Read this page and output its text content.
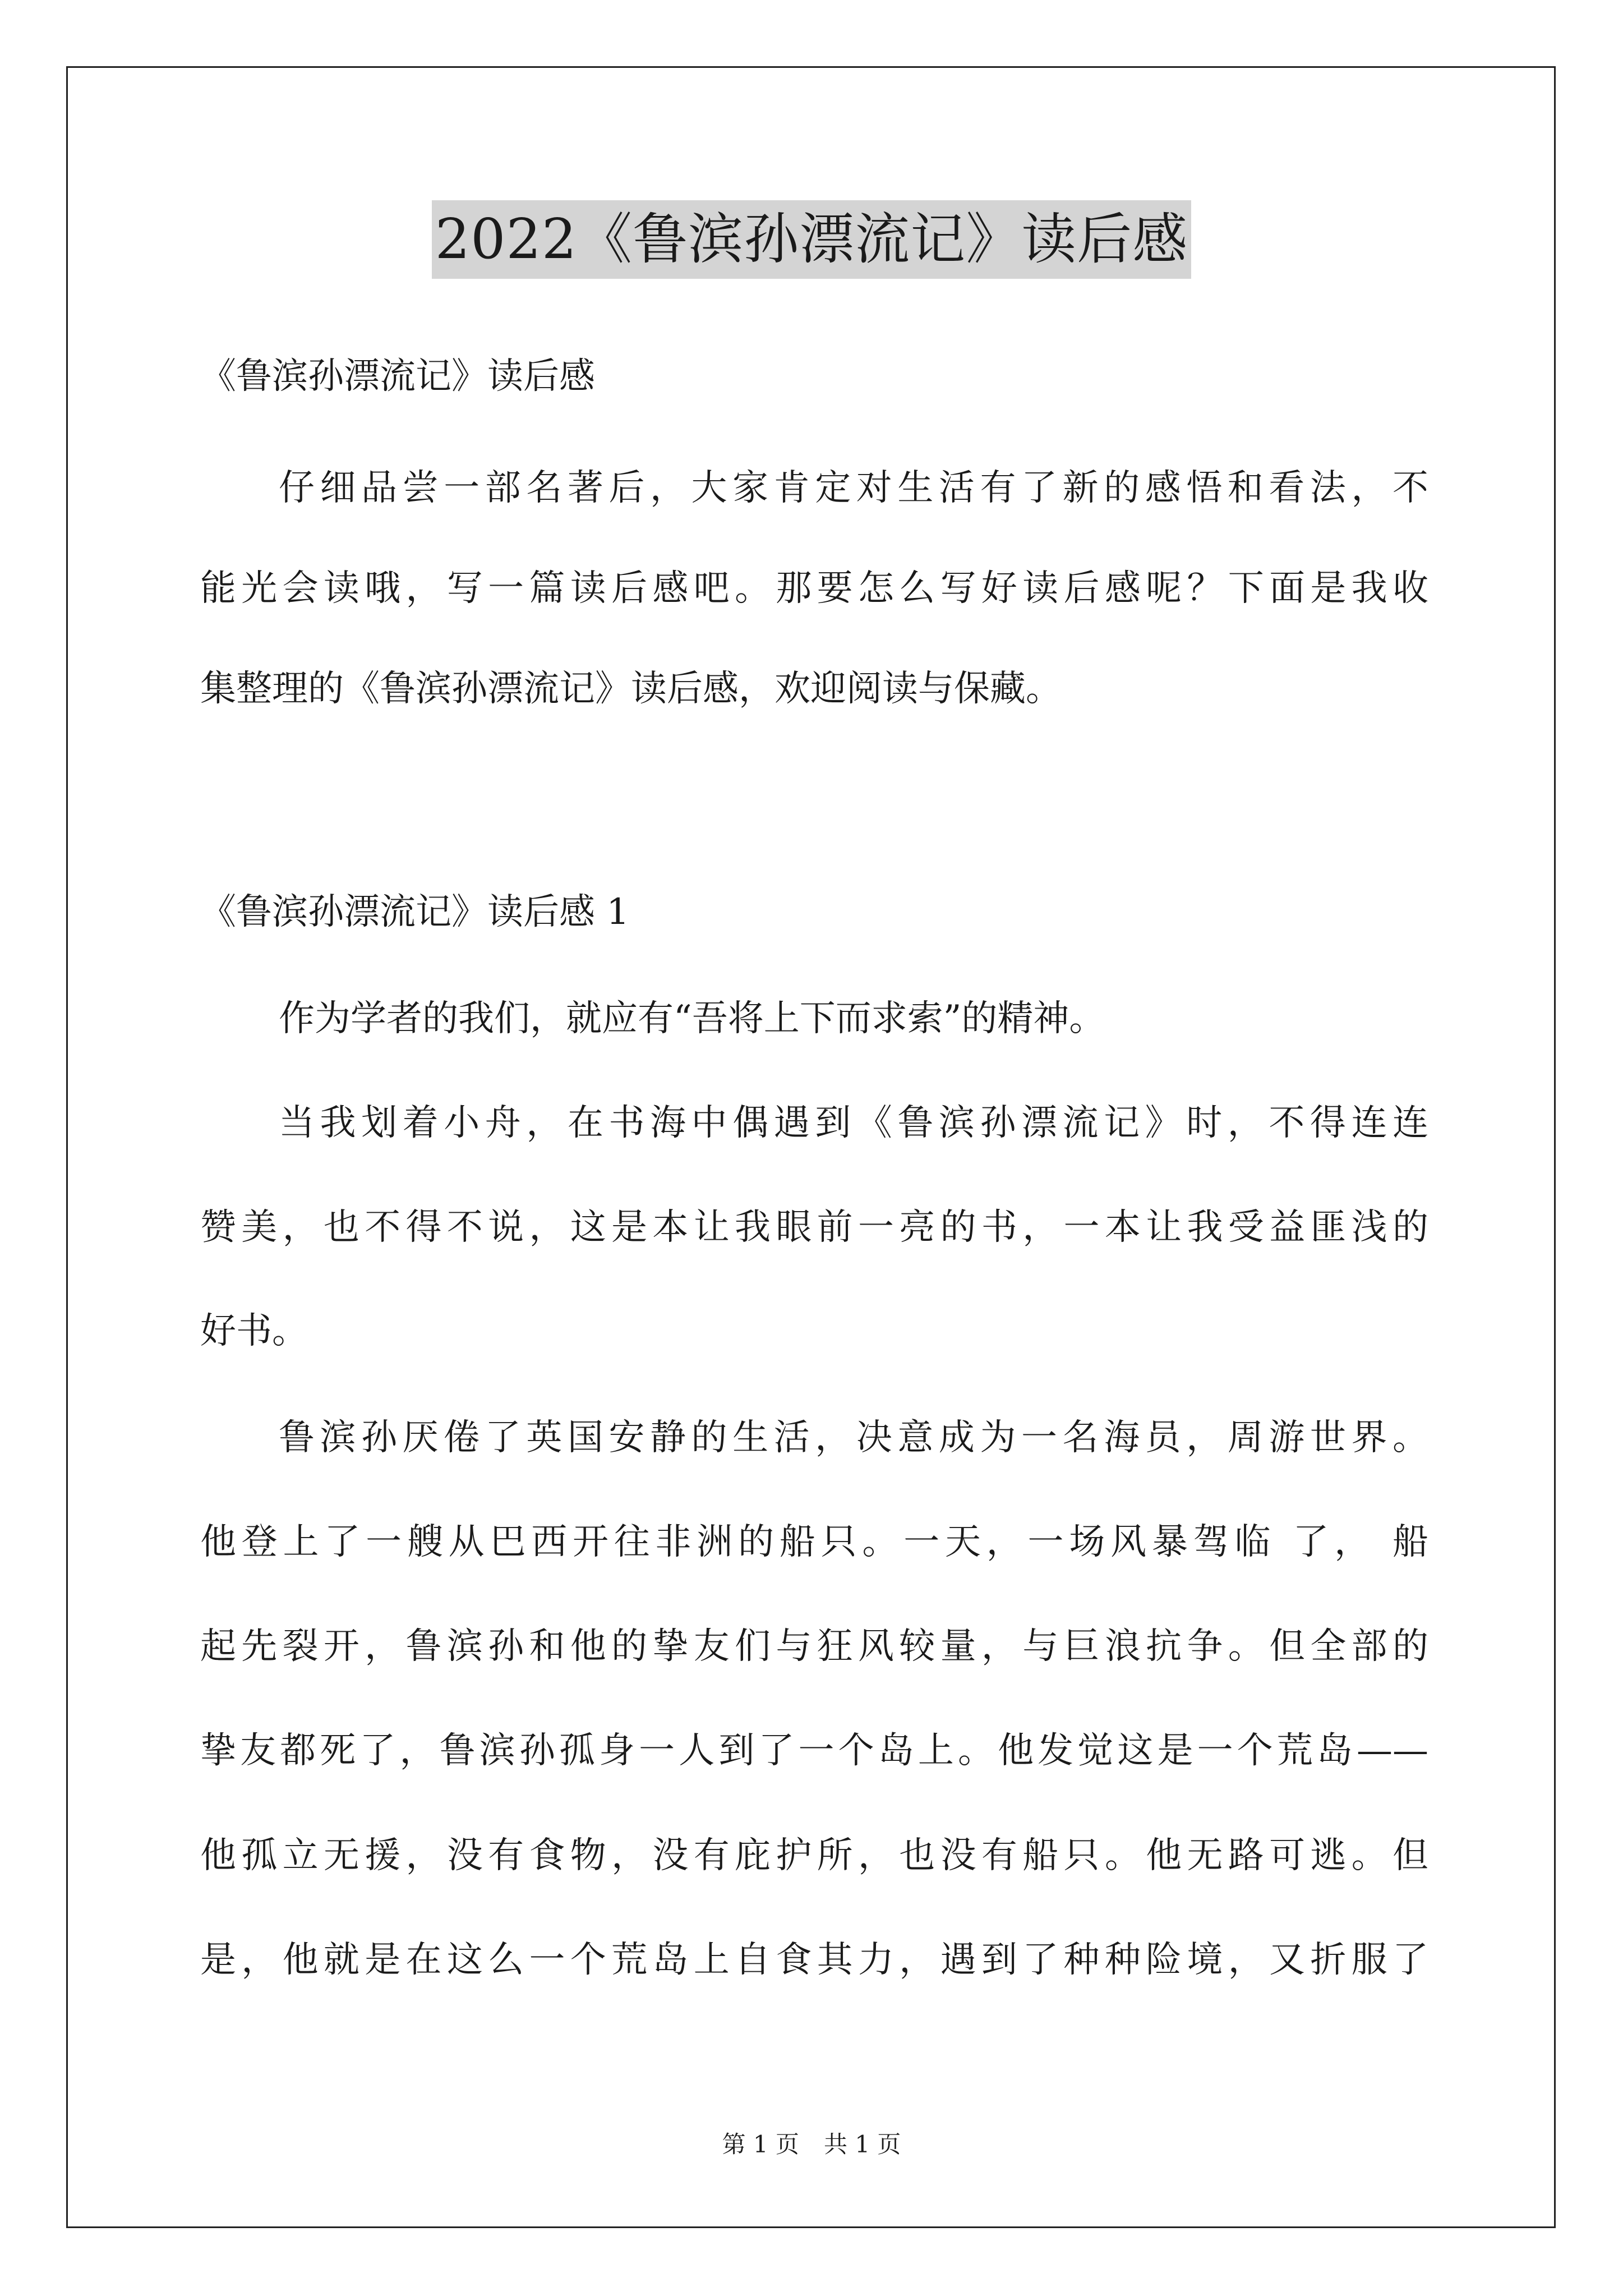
2022《鲁滨孙漂流记》读后感
《鲁滨孙漂流记》读后感
仔细品尝一部名著后，大家肯定对生活有了新的感悟和看法，不
能光会读哦，写一篇读后感吧。那要怎么写好读后感呢？下面是我收
集整理的《鲁滨孙漂流记》读后感，欢迎阅读与保藏。
《鲁滨孙漂流记》读后感 1
作为学者的我们，就应有“吾将上下而求索”的精神。
当我划着小舟，在书海中偶遇到《鲁滨孙漂流记》时，不得连连
赞美，也不得不说，这是本让我眼前一亮的书，一本让我受益匪浅的
好书。
鲁滨孙厌倦了英国安静的生活，决意成为一名海员，周游世界。
他登上了一艘从巴西开往非洲的船只。一天，一场风暴驾临 了， 船
起先裂开，鲁滨孙和他的挚友们与狂风较量，与巨浪抗争。但全部的
挚友都死了，鲁滨孙孤身一人到了一个岛上。他发觉这是一个荒岛——
他孤立无援，没有食物，没有庇护所，也没有船只。他无路可逃。但
是，他就是在这么一个荒岛上自食其力，遇到了种种险境，又折服了
第 1 页 共 1 页
